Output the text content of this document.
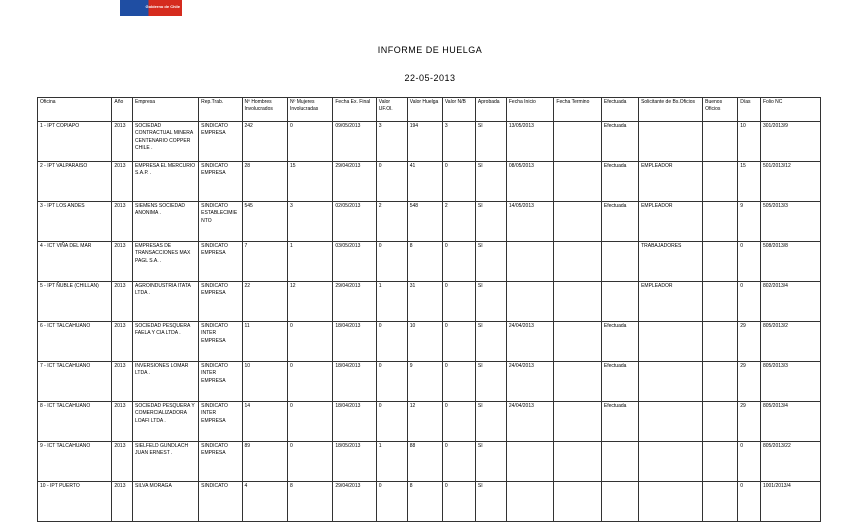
Gobierno de Chile
INFORME DE HUELGA
22-05-2013
Oficina	Año	Empresa	Rep.Trab.	Nº Hombres Involucrados	Nº Mujeres Involucradas	Fecha Ex. Final	Valor UF.Ol.	Valor Huelga	Valor N/B	Aprobada	Fecha Inicio	Fecha Termino	Efectuada	Solicitante de Bs.Oficios	Buenos Oficios	Días	Folio NC
1 - IPT COPIAPO	2013	SOCIEDAD CONTRACTUAL MINERA CENTENARIO COPPER CHILE .	SINDICATO EMPRESA	242	0	09/05/2013	3	194	3	SI	13/05/2013		Efectuada			10	301/2013/9
2 - IPT VALPARAISO	2013	EMPRESA EL MERCURIO S.A.P. .	SINDICATO EMPRESA	28	15	29/04/2013	0	41	0	SI	08/05/2013		Efectuada	EMPLEADOR		15	501/2013/12
3 - IPT LOS ANDES	2013	SIEMENS SOCIEDAD ANONIMA .	SINDICATO ESTABLECIMIENTO	545	3	02/05/2013	2	548	2	SI	14/05/2013		Efectuada	EMPLEADOR		9	505/2013/3
4 - ICT VIÑA DEL MAR	2013	EMPRESAS DE TRANSACCIONES MAX PAGL S.A. .	SINDICATO EMPRESA	7	1	03/05/2013	0	8	0	SI				TRABAJADORES		0	508/2013/8
5 - IPT ÑUBLE (CHILLAN)	2013	AGROINDUSTRIA ITATA LTDA .	SINDICATO EMPRESA	22	12	29/04/2013	1	31	0	SI				EMPLEADOR		0	802/2013/4
6 - ICT TALCAHUANO	2013	SOCIEDAD PESQUERA FAELA Y CIA LTDA .	SINDICATO INTER EMPRESA	11	0	18/04/2013	0	10	0	SI	24/04/2013		Efectuada			29	805/2013/2
7 - ICT TALCAHUANO	2013	INVERSIONES LOMAR LTDA .	SINDICATO INTER EMPRESA	10	0	18/04/2013	0	9	0	SI	24/04/2013		Efectuada			29	805/2013/3
8 - ICT TALCAHUANO	2013	SOCIEDAD PESQUERA Y COMERCIALIZADORA LOAFI LTDA .	SINDICATO INTER EMPRESA	14	0	18/04/2013	0	12	0	SI	24/04/2013		Efectuada			29	805/2013/4
9 - ICT TALCAHUANO	2013	SIELFELD GUNDLACH JUAN ERNEST .	SINDICATO EMPRESA	89	0	18/05/2013	1	88	0	SI						0	805/2013/22
10 - IPT PUERTO	2013	SILVA MORAGA	SINDICATO	4	8	29/04/2013	0	8	0	SI						0	1001/2013/4
